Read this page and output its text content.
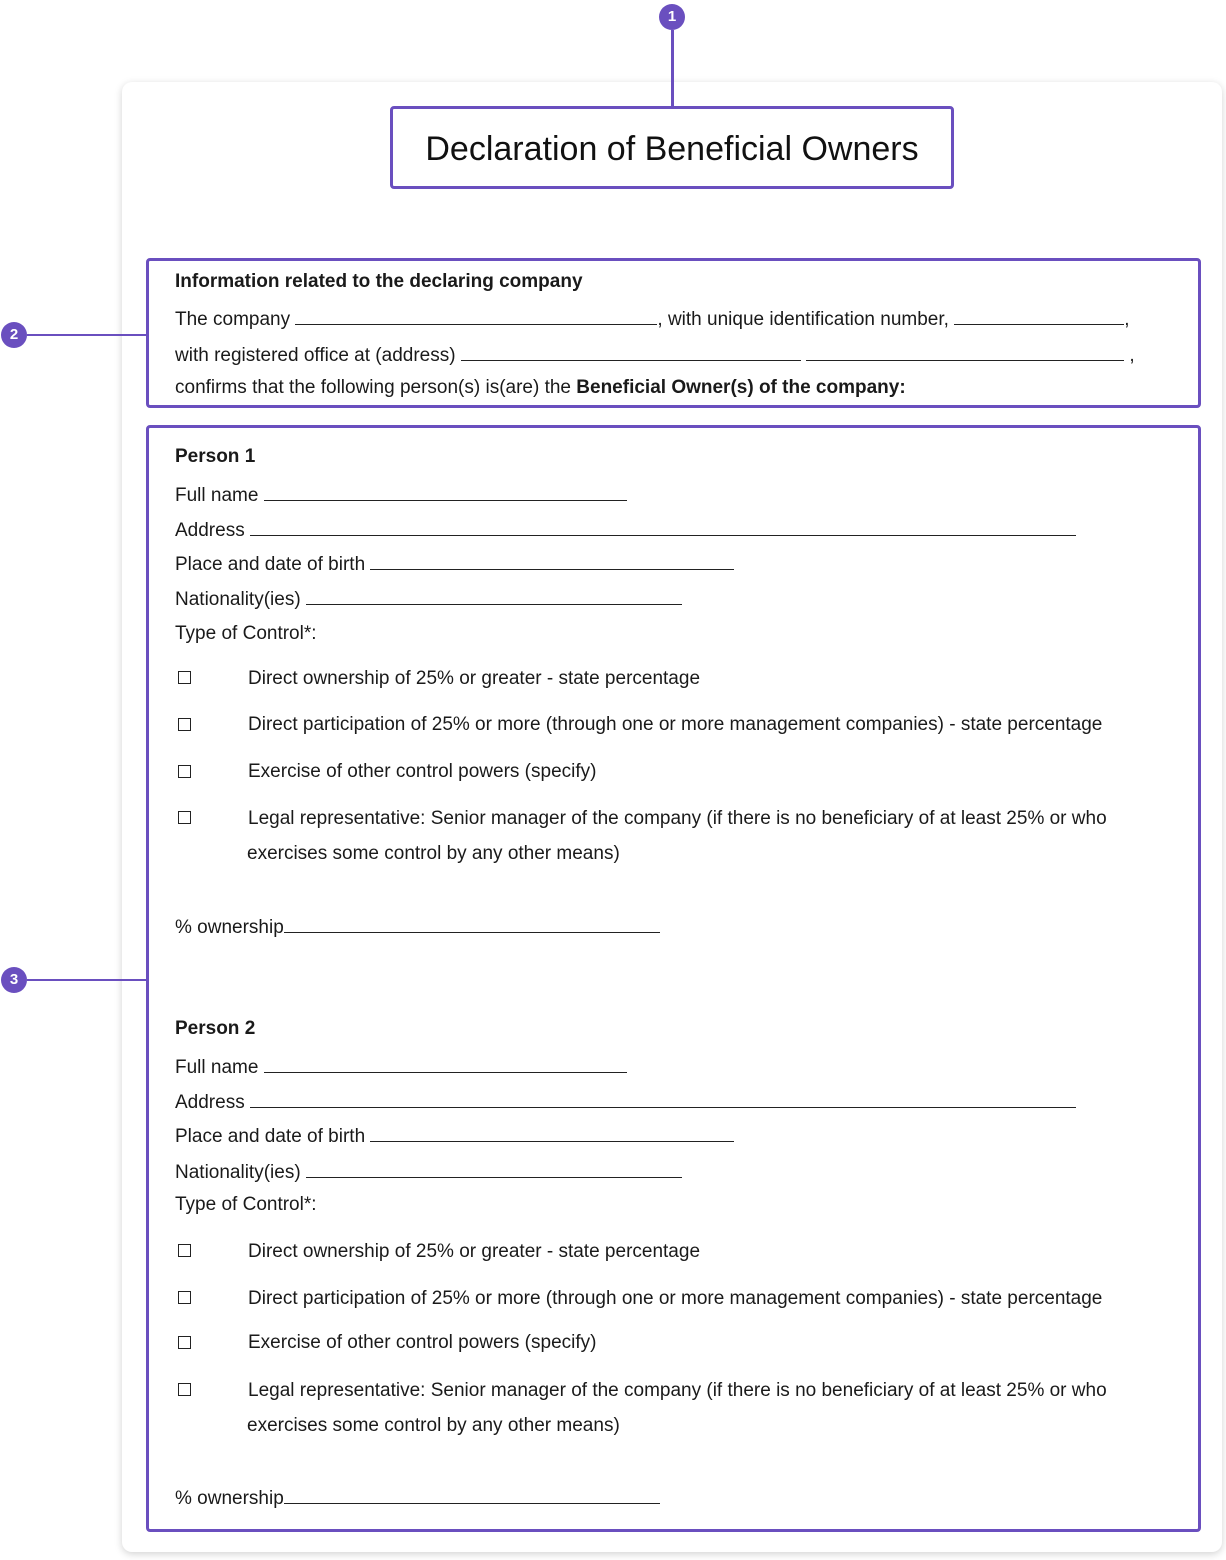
1
Declaration of Beneficial Owners
2
3
Information related to the declaring company
The company	, with unique identification number,	,
with registered office at (address)	,
confirms that the following person(s) is(are) the Beneficial Owner(s) of the company:
Person 1
Full name
Address
Place and date of birth
Nationality(ies)
Type of Control*:
Direct ownership of 25% or greater - state percentage
Direct participation of 25% or more (through one or more management companies) - state percentage
Exercise of other control powers (specify)
Legal representative: Senior manager of the company (if there is no beneficiary of at least 25% or who
exercises some control by any other means)
% ownership
Person 2
Full name
Address
Place and date of birth
Nationality(ies)
Type of Control*:
Direct ownership of 25% or greater - state percentage
Direct participation of 25% or more (through one or more management companies) - state percentage
Exercise of other control powers (specify)
Legal representative: Senior manager of the company (if there is no beneficiary of at least 25% or who
exercises some control by any other means)
% ownership
